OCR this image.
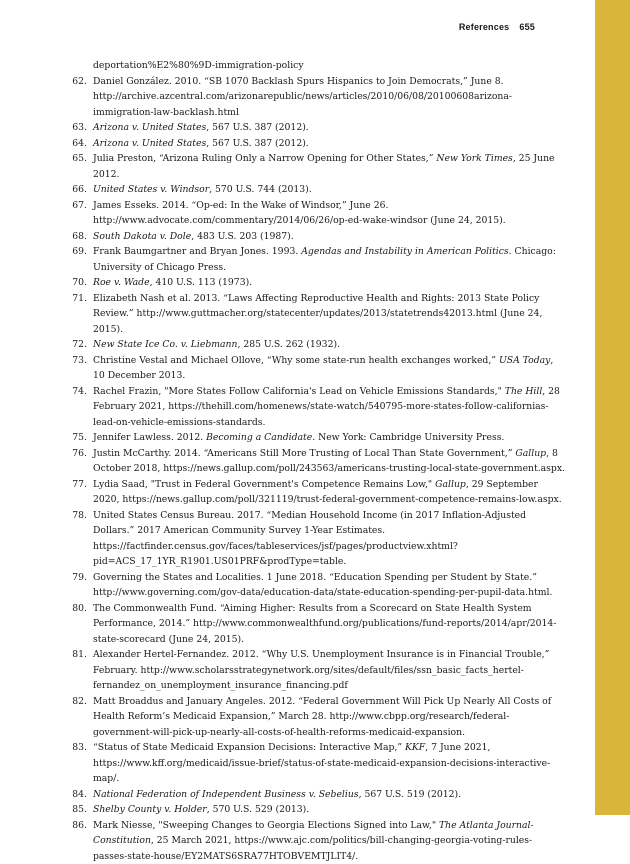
References 655
deportation%E2%80%9D-immigration-policy
62. Daniel González. 2010. “SB 1070 Backlash Spurs Hispanics to Join Democrats,” June 8. http://archive.azcentral.com/arizonarepublic/news/articles/2010/06/08/20100608arizona-immigration-law-backlash.html
63. Arizona v. United States, 567 U.S. 387 (2012).
64. Arizona v. United States, 567 U.S. 387 (2012).
65. Julia Preston, “Arizona Ruling Only a Narrow Opening for Other States,” New York Times, 25 June 2012.
66. United States v. Windsor, 570 U.S. 744 (2013).
67. James Esseks. 2014. “Op-ed: In the Wake of Windsor,” June 26. http://www.advocate.com/commentary/2014/06/26/op-ed-wake-windsor (June 24, 2015).
68. South Dakota v. Dole, 483 U.S. 203 (1987).
69. Frank Baumgartner and Bryan Jones. 1993. Agendas and Instability in American Politics. Chicago: University of Chicago Press.
70. Roe v. Wade, 410 U.S. 113 (1973).
71. Elizabeth Nash et al. 2013. “Laws Affecting Reproductive Health and Rights: 2013 State Policy Review.” http://www.guttmacher.org/statecenter/updates/2013/statetrends42013.html (June 24, 2015).
72. New State Ice Co. v. Liebmann, 285 U.S. 262 (1932).
73. Christine Vestal and Michael Ollove, “Why some state-run health exchanges worked,” USA Today, 10 December 2013.
74. Rachel Frazin, "More States Follow California's Lead on Vehicle Emissions Standards," The Hill, 28 February 2021, https://thehill.com/homenews/state-watch/540795-more-states-follow-californias-lead-on-vehicle-emissions-standards.
75. Jennifer Lawless. 2012. Becoming a Candidate. New York: Cambridge University Press.
76. Justin McCarthy. 2014. “Americans Still More Trusting of Local Than State Government,” Gallup, 8 October 2018, https://news.gallup.com/poll/243563/americans-trusting-local-state-government.aspx.
77. Lydia Saad, "Trust in Federal Government's Competence Remains Low," Gallup, 29 September 2020, https://news.gallup.com/poll/321119/trust-federal-government-competence-remains-low.aspx.
78. United States Census Bureau. 2017. “Median Household Income (in 2017 Inflation-Adjusted Dollars.” 2017 American Community Survey 1-Year Estimates. https://factfinder.census.gov/faces/tableservices/jsf/pages/productview.xhtml?pid=ACS_17_1YR_R1901.US01PRF&prodType=table.
79. Governing the States and Localities. 1 June 2018. “Education Spending per Student by State.” http://www.governing.com/gov-data/education-data/state-education-spending-per-pupil-data.html.
80. The Commonwealth Fund. “Aiming Higher: Results from a Scorecard on State Health System Performance, 2014.” http://www.commonwealthfund.org/publications/fund-reports/2014/apr/2014-state-scorecard (June 24, 2015).
81. Alexander Hertel-Fernandez. 2012. “Why U.S. Unemployment Insurance is in Financial Trouble,” February. http://www.scholarsstrategynetwork.org/sites/default/files/ssn_basic_facts_hertel-fernandez_on_unemployment_insurance_financing.pdf
82. Matt Broaddus and January Angeles. 2012. “Federal Government Will Pick Up Nearly All Costs of Health Reform’s Medicaid Expansion,” March 28. http://www.cbpp.org/research/federal-government-will-pick-up-nearly-all-costs-of-health-reforms-medicaid-expansion.
83. “Status of State Medicaid Expansion Decisions: Interactive Map,” KKF, 7 June 2021, https://www.kff.org/medicaid/issue-brief/status-of-state-medicaid-expansion-decisions-interactive-map/.
84. National Federation of Independent Business v. Sebelius, 567 U.S. 519 (2012).
85. Shelby County v. Holder, 570 U.S. 529 (2013).
86. Mark Niesse, "Sweeping Changes to Georgia Elections Signed into Law," The Atlanta Journal-Constitution, 25 March 2021, https://www.ajc.com/politics/bill-changing-georgia-voting-rules-passes-state-house/EY2MATS6SRA77HTOBVEMTJLIT4/.
